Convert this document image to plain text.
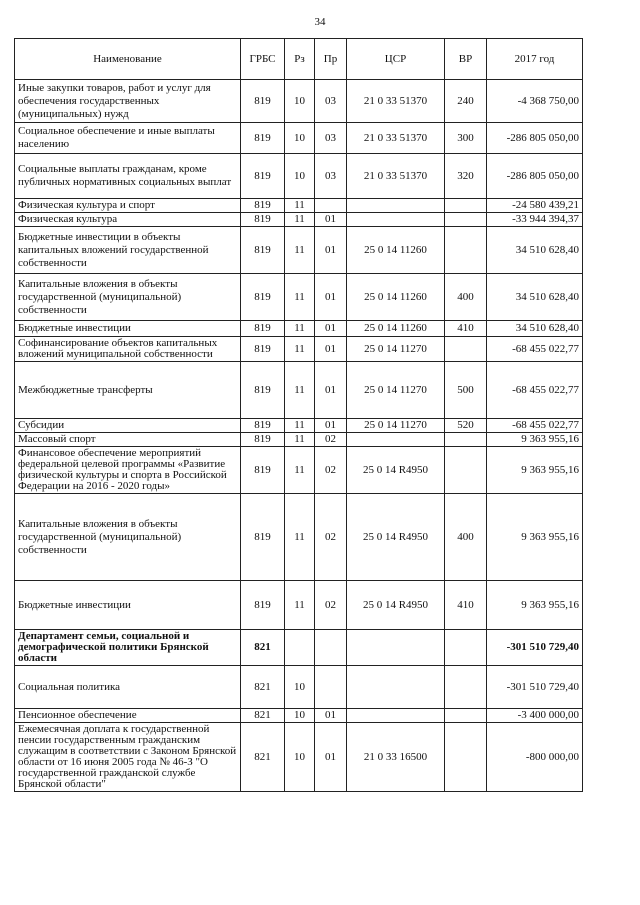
34
Наименование	ГРБС	Рз	Пр	ЦСР	ВР	2017 год
Иные закупки товаров, работ и услуг для обеспечения государственных (муниципальных) нужд	819	10	03	21 0 33 51370	240	-4 368 750,00
Социальное обеспечение и иные выплаты населению	819	10	03	21 0 33 51370	300	-286 805 050,00
Социальные выплаты гражданам, кроме публичных нормативных социальных выплат	819	10	03	21 0 33 51370	320	-286 805 050,00
Физическая культура и спорт	819	11				-24 580 439,21
Физическая культура	819	11	01			-33 944 394,37
Бюджетные инвестиции в объекты капитальных вложений государственной собственности	819	11	01	25 0 14 11260		34 510 628,40
Капитальные вложения в объекты государственной (муниципальной) собственности	819	11	01	25 0 14 11260	400	34 510 628,40
Бюджетные инвестиции	819	11	01	25 0 14 11260	410	34 510 628,40
Софинансирование объектов капитальных вложений муниципальной собственности	819	11	01	25 0 14 11270		-68 455 022,77
Межбюджетные трансферты	819	11	01	25 0 14 11270	500	-68 455 022,77
Субсидии	819	11	01	25 0 14 11270	520	-68 455 022,77
Массовый спорт	819	11	02			9 363 955,16
Финансовое обеспечение мероприятий федеральной целевой программы «Развитие физической культуры и спорта в Российской Федерации на 2016 - 2020 годы»	819	11	02	25 0 14 R4950		9 363 955,16
Капитальные вложения в объекты государственной (муниципальной) собственности	819	11	02	25 0 14 R4950	400	9 363 955,16
Бюджетные инвестиции	819	11	02	25 0 14 R4950	410	9 363 955,16
Департамент семьи, социальной и демографической политики Брянской области	821					-301 510 729,40
Социальная политика	821	10				-301 510 729,40
Пенсионное обеспечение	821	10	01			-3 400 000,00
Ежемесячная доплата к государственной пенсии государственным гражданским служащим в соответствии с Законом Брянской области от 16 июня 2005 года № 46-З "О государственной гражданской службе Брянской области"	821	10	01	21 0 33 16500		-800 000,00
